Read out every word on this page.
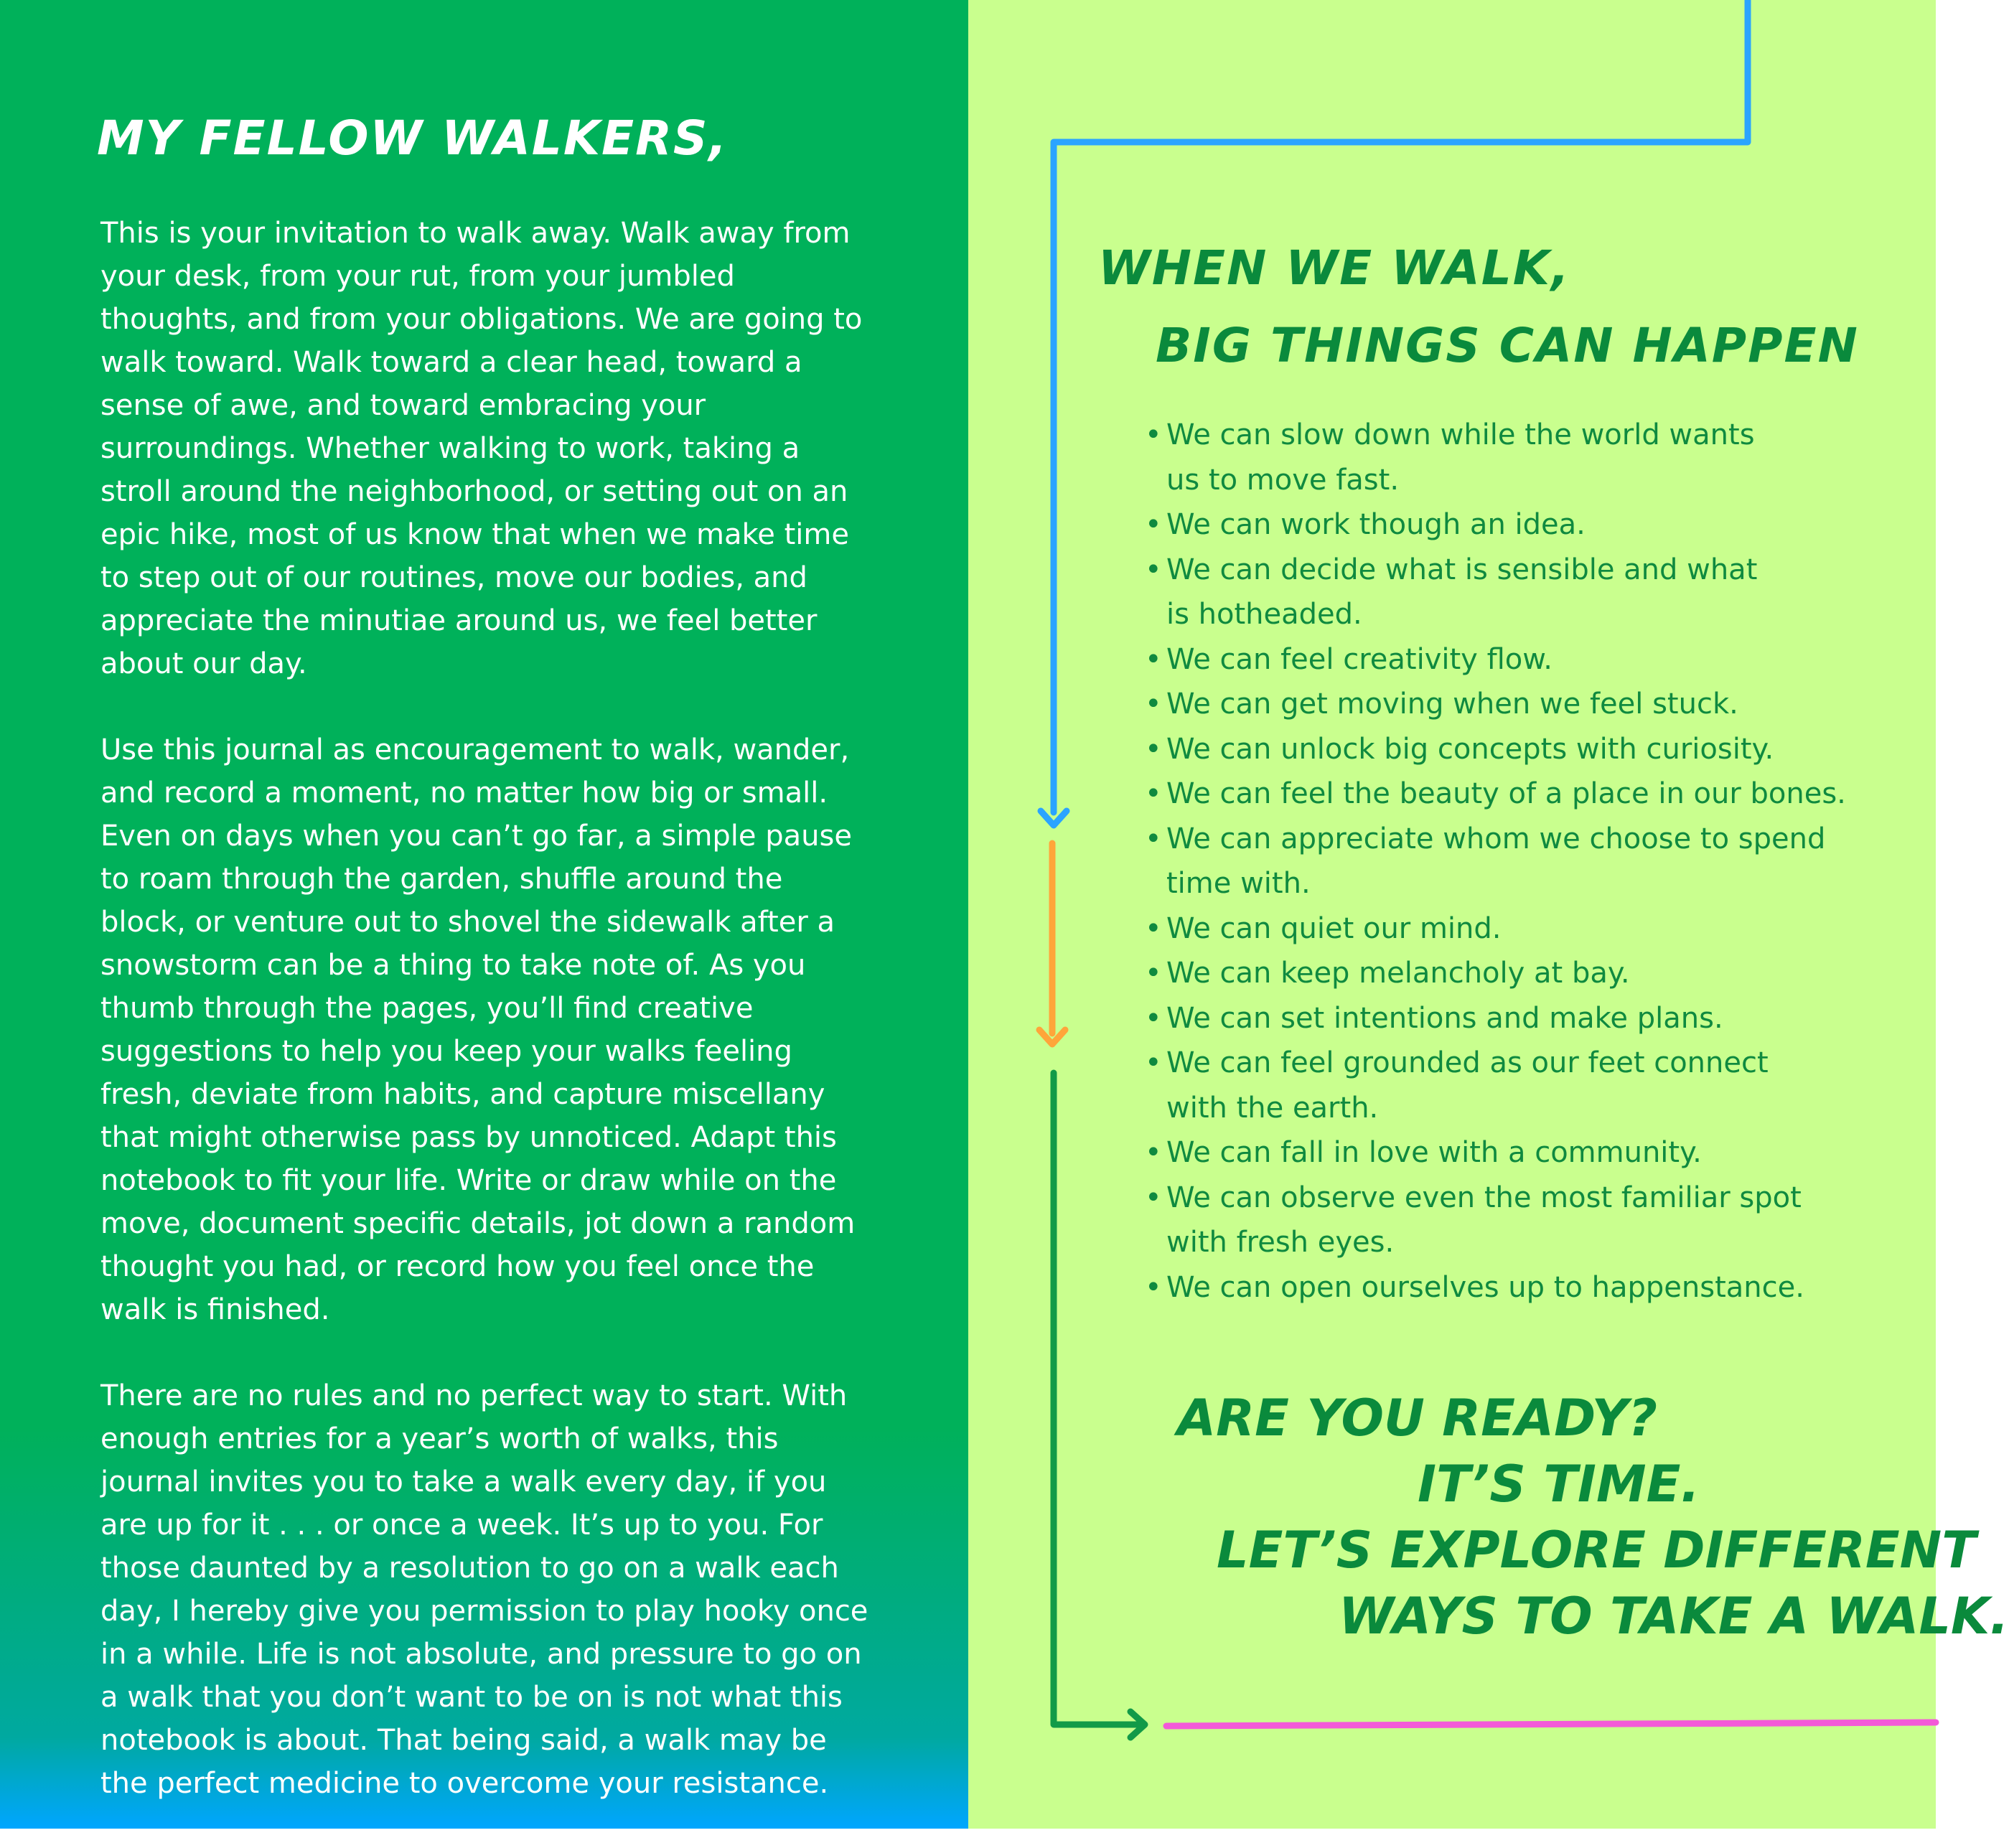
MY FELLOW WALKERS,

This is your invitation to walk away. Walk away from your desk, from your rut, from your jumbled thoughts, and from your obligations. We are going to walk toward. Walk toward a clear head, toward a sense of awe, and toward embracing your surroundings. Whether walking to work, taking a stroll around the neighborhood, or setting out on an epic hike, most of us know that when we make time to step out of our routines, move our bodies, and appreciate the minutiae around us, we feel better about our day.

Use this journal as encouragement to walk, wander, and record a moment, no matter how big or small. Even on days when you can’t go far, a simple pause to roam through the garden, shuffle around the block, or venture out to shovel the sidewalk after a snowstorm can be a thing to take note of. As you thumb through the pages, you’ll find creative suggestions to help you keep your walks feeling fresh, deviate from habits, and capture miscellany that might otherwise pass by unnoticed. Adapt this notebook to fit your life. Write or draw while on the move, document specific details, jot down a random thought you had, or record how you feel once the walk is finished.

There are no rules and no perfect way to start. With enough entries for a year’s worth of walks, this journal invites you to take a walk every day, if you are up for it . . . or once a week. It’s up to you. For those daunted by a resolution to go on a walk each day, I hereby give you permission to play hooky once in a while. Life is not absolute, and pressure to go on a walk that you don’t want to be on is not what this notebook is about. That being said, a walk may be the perfect medicine to overcome your resistance.

WHEN WE WALK,
BIG THINGS CAN HAPPEN
• We can slow down while the world wants
us to move fast.
• We can work though an idea.
• We can decide what is sensible and what
is hotheaded.
• We can feel creativity flow.
• We can get moving when we feel stuck.
• We can unlock big concepts with curiosity.
• We can feel the beauty of a place in our bones.
• We can appreciate whom we choose to spend
time with.
• We can quiet our mind.
• We can keep melancholy at bay.
• We can set intentions and make plans.
• We can feel grounded as our feet connect
with the earth.
• We can fall in love with a community.
• We can observe even the most familiar spot
with fresh eyes.
• We can open ourselves up to happenstance.
ARE YOU READY?
IT’S TIME.
LET’S EXPLORE DIFFERENT
WAYS TO TAKE A WALK.
